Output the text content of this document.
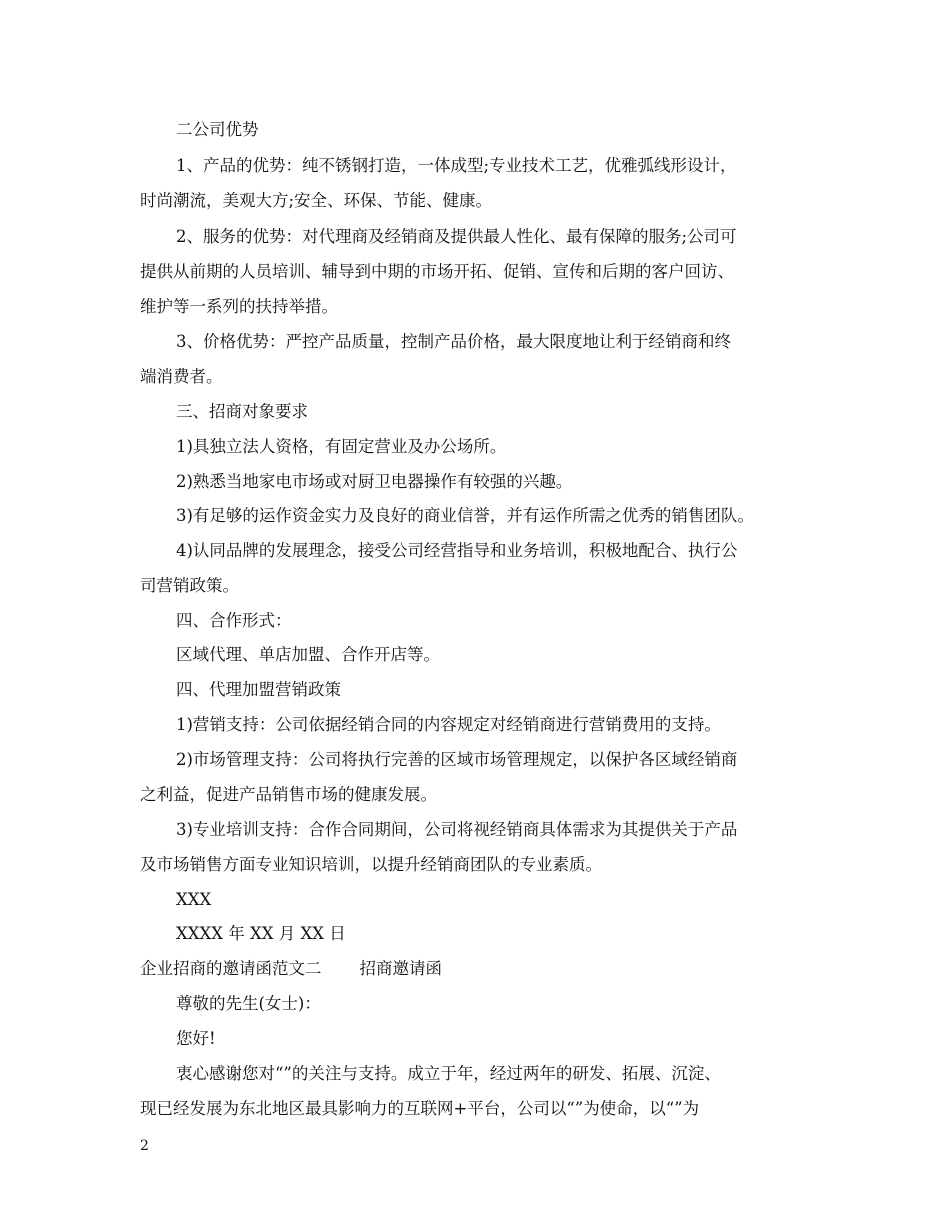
二公司优势
1、产品的优势：纯不锈钢打造，一体成型;专业技术工艺，优雅弧线形设计，
时尚潮流，美观大方;安全、环保、节能、健康。
2、服务的优势：对代理商及经销商及提供最人性化、最有保障的服务;公司可
提供从前期的人员培训、辅导到中期的市场开拓、促销、宣传和后期的客户回访、
维护等一系列的扶持举措。
3、价格优势：严控产品质量，控制产品价格，最大限度地让利于经销商和终
端消费者。
三、招商对象要求
1)具独立法人资格，有固定营业及办公场所。
2)熟悉当地家电市场或对厨卫电器操作有较强的兴趣。
3)有足够的运作资金实力及良好的商业信誉，并有运作所需之优秀的销售团队。
4)认同品牌的发展理念，接受公司经营指导和业务培训，积极地配合、执行公
司营销政策。
四、合作形式：
区域代理、单店加盟、合作开店等。
四、代理加盟营销政策
1)营销支持：公司依据经销合同的内容规定对经销商进行营销费用的支持。
2)市场管理支持：公司将执行完善的区域市场管理规定，以保护各区域经销商
之利益，促进产品销售市场的健康发展。
3)专业培训支持：合作合同期间，公司将视经销商具体需求为其提供关于产品
及市场销售方面专业知识培训，以提升经销商团队的专业素质。
XXX
XXXX 年 XX 月 XX 日
企业招商的邀请函范文二 招商邀请函
尊敬的先生(女士)：
您好!
衷心感谢您对“”的关注与支持。成立于年，经过两年的研发、拓展、沉淀、
现已经发展为东北地区最具影响力的互联网+平台，公司以“”为使命，以“”为
2
